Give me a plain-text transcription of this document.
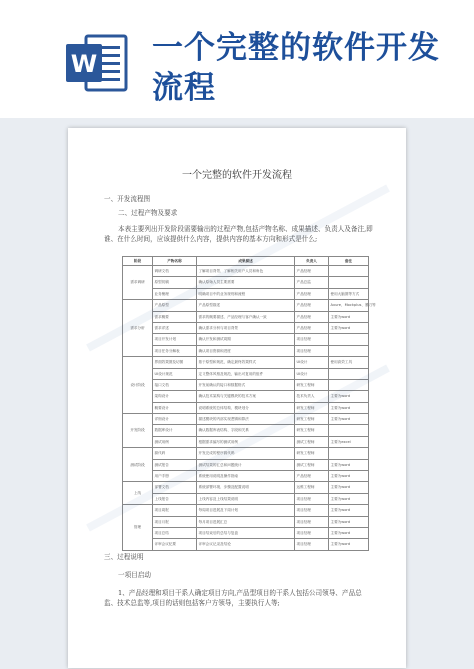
W 一个完整的软件开发流程
一个完整的软件开发流程
一、开发流程图
二、过程产物及要求
本表主要列出开发阶段需要输出的过程产物,包括产物名称、成果描述、负责人及备注,即谁、在什么时间，应该提供什么内容，提供内容的基本方向和形式是什么;
阶段	产物名称	成果描述	负责人	备注
需求调研	调研文档	了解项目背景、了解相关用户人员和角色	产品经理	
	原型初稿	确认原始人员主要需要	产品总监	
	业务梳理	明确项目中的业务规则和流程	产品经理	使用大脑图等方式
需求分析	产品原型	产品原型描述	产品经理	Axure、Mockplus、墨刀等
	需求概要	需求的概要描述、产品经理与客户确认一致	产品经理	主要为word
	需求详述	确认需求分析与项目背景	产品经理	主要为word
	项目开发计划	确认开发和测试周期	项目经理	
	项目任务分解表	确认项目资源和进度	项目经理	
设计阶段	界面效果图及切图	基于原型和规范，确定最终效果样式	UI设计	使用高效工具
	UI设计规范	定义整体风格及规范，输出可复用的组件	UI设计	
	接口文档	开发前确认的接口和数据格式	研发工程师	
	架构设计	确认技术架构与关键模块的技术方案	技术负责人	主要为word
	概要设计	说明系统的总体结构、模块划分	研发工程师	主要为word
开发阶段	详细设计	描述模块的内部实现逻辑和算法	研发工程师	主要为word
	数据库设计	确认数据库表结构、字段和关系	研发工程师	
	测试用例	根据需求编写的测试用例	测试工程师	主要为excel
测试阶段	源代码	开发完成的程序源代码	研发工程师	
	测试报告	测试结果的汇总和问题统计	测试工程师	主要为word
	用户手册	系统使用说明及操作指南	产品经理	主要为word
上线	部署文档	系统部署环境、步骤及配置说明	运维工程师	主要为word
	上线报告	上线内容及上线结果说明	项目经理	主要为word
管理	项目周报	每周项目进展及下周计划	项目经理	主要为word
	项目月报	每月项目进展汇总	项目经理	主要为word
	项目总结	项目结束后的总结与复盘	项目经理	主要为word
	评审会议纪要	评审会议记录及结论	项目经理	主要为word
三、过程说明
一项目启动
1、产品经理和项目干系人确定项目方向,产品型项目的干系人包括公司领导、产品总监、技术总监等,项目的话则包括客户方领导，主要执行人等;
